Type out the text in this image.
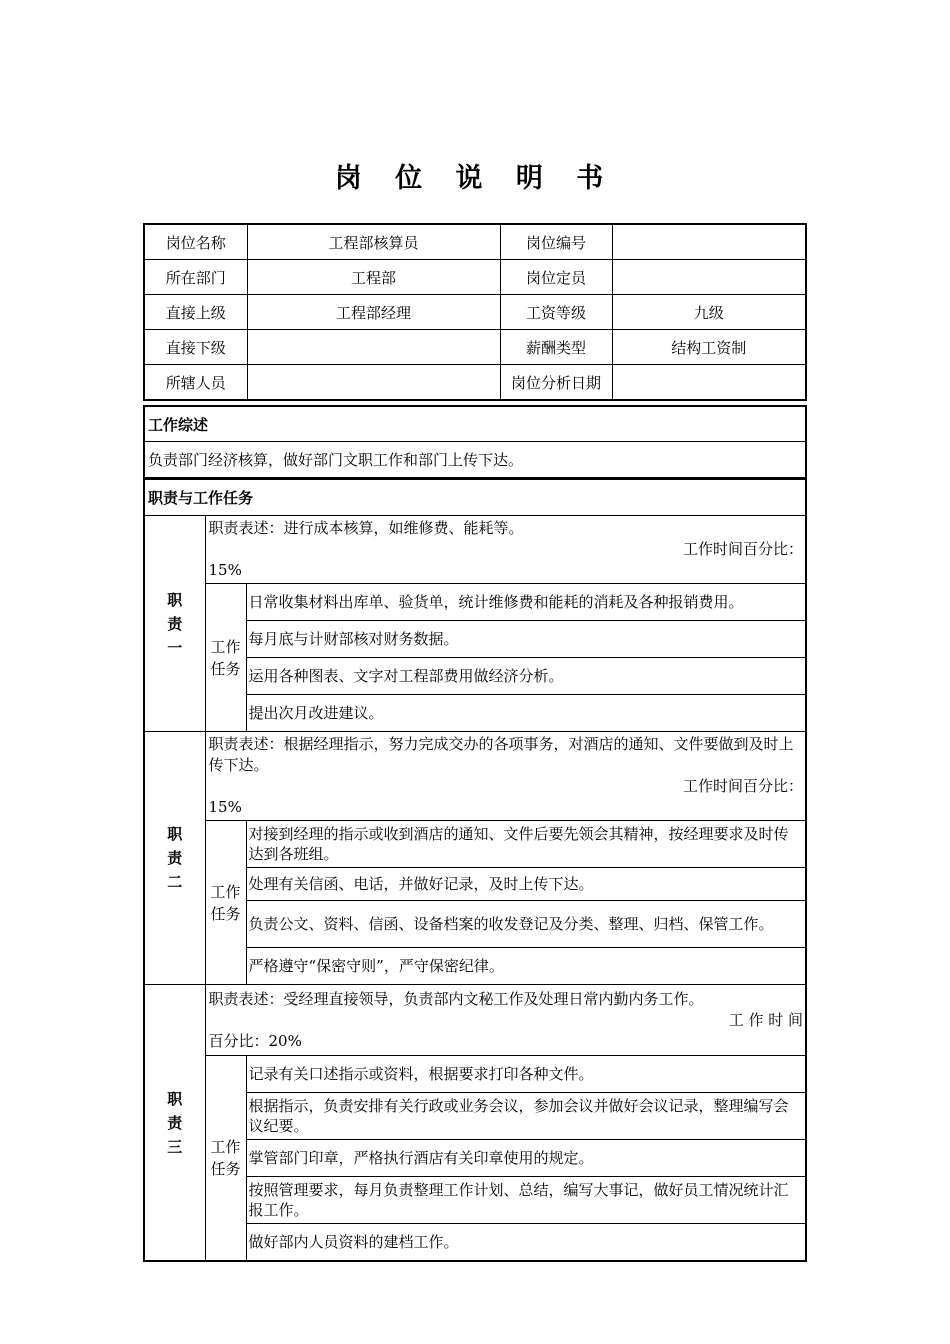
岗 位 说 明 书
岗位名称	工程部核算员	岗位编号	
所在部门	工程部	岗位定员	
直接上级	工程部经理	工资等级	九级
直接下级		薪酬类型	结构工资制
所辖人员		岗位分析日期	
工作综述
负责部门经济核算，做好部门文职工作和部门上传下达。
职责与工作任务		

职
责
一	职责表述：进行成本核算，如维修费、能耗等。
工作时间百分比：
15%	

	工作
任务	日常收集材料出库单、验货单，统计维修费和能耗的消耗及各种报销费用。
		每月底与计财部核对财务数据。
		运用各种图表、文字对工程部费用做经济分析。
		提出次月改进建议。

职
责
二	职责表述：根据经理指示，努力完成交办的各项事务，对酒店的通知、文件要做到及时上传下达。
工作时间百分比：
15%	

	工作
任务	对接到经理的指示或收到酒店的通知、文件后要先领会其精神，按经理要求及时传达到各班组。
		处理有关信函、电话，并做好记录，及时上传下达。
		负责公文、资料、信函、设备档案的收发登记及分类、整理、归档、保管工作。
		严格遵守“保密守则”，严守保密纪律。

职
责
三	职责表述：受经理直接领导，负责部内文秘工作及处理日常内勤内务工作。
工 作 时 间
百分比：20%	

	工作
任务	记录有关口述指示或资料，根据要求打印各种文件。
		根据指示，负责安排有关行政或业务会议，参加会议并做好会议记录，整理编写会议纪要。
		掌管部门印章，严格执行酒店有关印章使用的规定。
		按照管理要求，每月负责整理工作计划、总结，编写大事记，做好员工情况统计汇报工作。
		做好部内人员资料的建档工作。
